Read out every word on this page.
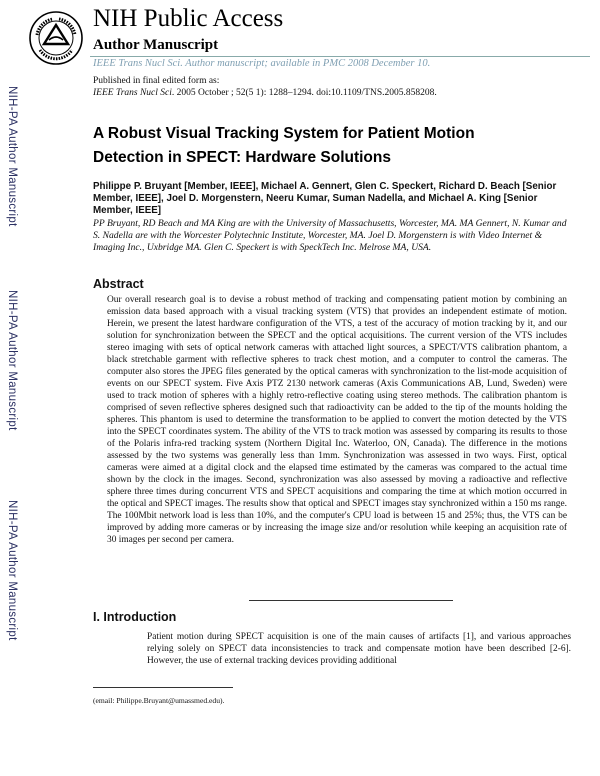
NIH Public Access
Author Manuscript
IEEE Trans Nucl Sci. Author manuscript; available in PMC 2008 December 10.
NIH-PA Author Manuscript
NIH-PA Author Manuscript
NIH-PA Author Manuscript
Published in final edited form as:
IEEE Trans Nucl Sci. 2005 October ; 52(5 1): 1288–1294. doi:10.1109/TNS.2005.858208.
A Robust Visual Tracking System for Patient Motion Detection in SPECT: Hardware Solutions
Philippe P. Bruyant [Member, IEEE], Michael A. Gennert, Glen C. Speckert, Richard D. Beach [Senior Member, IEEE], Joel D. Morgenstern, Neeru Kumar, Suman Nadella, and Michael A. King [Senior Member, IEEE]
PP Bruyant, RD Beach and MA King are with the University of Massachusetts, Worcester, MA. MA Gennert, N. Kumar and S. Nadella are with the Worcester Polytechnic Institute, Worcester, MA. Joel D. Morgenstern is with Video Internet & Imaging Inc., Uxbridge MA. Glen C. Speckert is with SpeckTech Inc. Melrose MA, USA.
Abstract
Our overall research goal is to devise a robust method of tracking and compensating patient motion by combining an emission data based approach with a visual tracking system (VTS) that provides an independent estimate of motion. Herein, we present the latest hardware configuration of the VTS, a test of the accuracy of motion tracking by it, and our solution for synchronization between the SPECT and the optical acquisitions. The current version of the VTS includes stereo imaging with sets of optical network cameras with attached light sources, a SPECT/VTS calibration phantom, a black stretchable garment with reflective spheres to track chest motion, and a computer to control the cameras. The computer also stores the JPEG files generated by the optical cameras with synchronization to the list-mode acquisition of events on our SPECT system. Five Axis PTZ 2130 network cameras (Axis Communications AB, Lund, Sweden) were used to track motion of spheres with a highly retro-reflective coating using stereo methods. The calibration phantom is comprised of seven reflective spheres designed such that radioactivity can be added to the tip of the mounts holding the spheres. This phantom is used to determine the transformation to be applied to convert the motion detected by the VTS into the SPECT coordinates system. The ability of the VTS to track motion was assessed by comparing its results to those of the Polaris infra-red tracking system (Northern Digital Inc. Waterloo, ON, Canada). The difference in the motions assessed by the two systems was generally less than 1mm. Synchronization was assessed in two ways. First, optical cameras were aimed at a digital clock and the elapsed time estimated by the cameras was compared to the actual time shown by the clock in the images. Second, synchronization was also assessed by moving a radioactive and reflective sphere three times during concurrent VTS and SPECT acquisitions and comparing the time at which motion occurred in the optical and SPECT images. The results show that optical and SPECT images stay synchronized within a 150 ms range. The 100Mbit network load is less than 10%, and the computer's CPU load is between 15 and 25%; thus, the VTS can be improved by adding more cameras or by increasing the image size and/or resolution while keeping an acquisition rate of 30 images per second per camera.
I. Introduction
Patient motion during SPECT acquisition is one of the main causes of artifacts [1], and various approaches relying solely on SPECT data inconsistencies to track and compensate motion have been described [2-6]. However, the use of external tracking devices providing additional
(email: Philippe.Bruyant@umassmed.edu).
